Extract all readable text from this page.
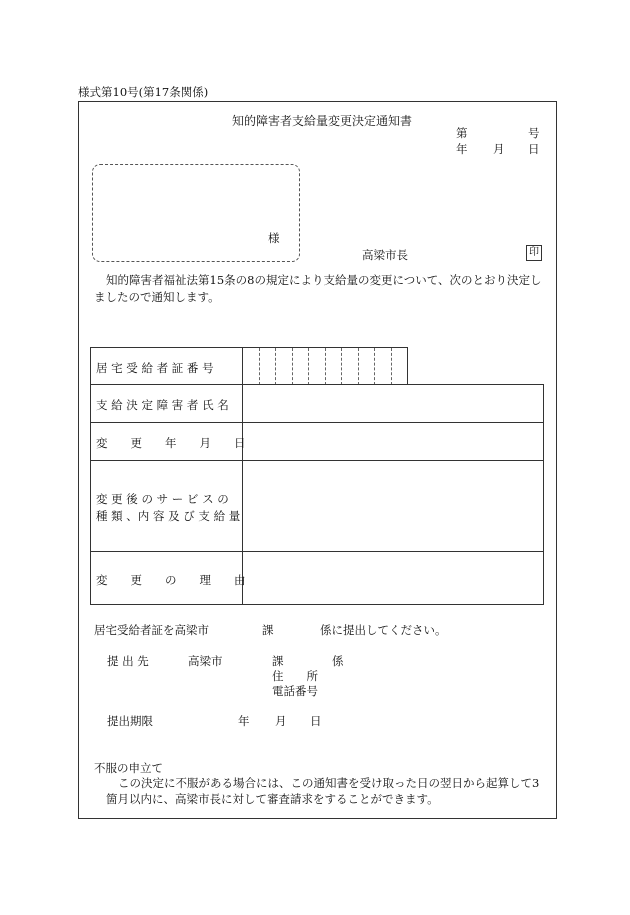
様式第10号(第17条関係)
知的障害者支給量変更決定通知書
第	号
年 月 日
様
高梁市長	印
知的障害者福祉法第15条の8の規定により支給量の変更について、次のとおり決定しましたので通知します。
居 宅 受 給 者 証 番 号
支 給 決 定 障 害 者 氏 名
変　　更　　年　　月　　日
変 更 後 の サ ー ビ ス の
種 類 、内 容 及 び 支 給 量
変　　更　　の　　理　　由
居宅受給者証を高梁市	課	係に提出してください。
提 出 先	高梁市	課	係
住　　所
電話番号
提出期限	年 月 日
不服の申立て
この決定に不服がある場合には、この通知書を受け取った日の翌日から起算して3
箇月以内に、高梁市長に対して審査請求をすることができます。
